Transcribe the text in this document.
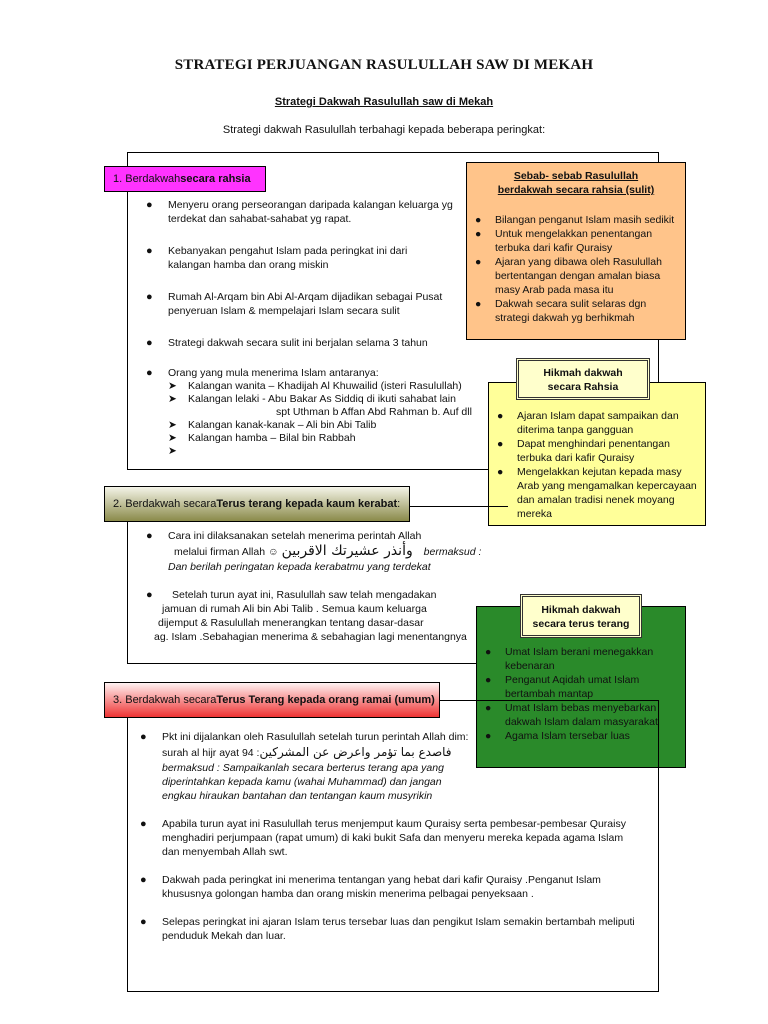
STRATEGI PERJUANGAN RASULULLAH SAW DI MEKAH
Strategi Dakwah Rasulullah saw di Mekah
Strategi dakwah Rasulullah terbahagi kepada beberapa peringkat:
1. Berdakwah secara rahsia
●	Menyeru orang perseorangan daripada kalangan keluarga yg terdekat dan sahabat-sahabat yg rapat.
●	Kebanyakan pengahut Islam pada peringkat ini dari kalangan hamba dan orang miskin
●	Rumah Al-Arqam bin Abi Al-Arqam dijadikan sebagai Pusat penyeruan Islam & mempelajari Islam secara sulit
●	Strategi dakwah secara sulit ini berjalan selama 3 tahun
●	Orang yang mula menerima Islam antaranya:
➤	Kalangan wanita – Khadijah Al Khuwailid (isteri Rasulullah)
➤	Kalangan lelaki - Abu Bakar As Siddiq di ikuti sahabat lain
spt Uthman b Affan Abd Rahman b. Auf dll
➤	Kalangan kanak-kanak – Ali bin Abi Talib
➤	Kalangan hamba – Bilal bin Rabbah
➤
Sebab- sebab Rasulullah
berdakwah secara rahsia (sulit)
●	Bilangan penganut Islam masih sedikit
●	Untuk mengelakkan penentangan terbuka dari kafir Quraisy
●	Ajaran yang dibawa oleh Rasulullah bertentangan dengan amalan biasa masy Arab pada masa itu
●	Dakwah secara sulit selaras dgn strategi dakwah yg berhikmah
●	Ajaran Islam dapat sampaikan dan diterima tanpa gangguan
●	Dapat menghindari penentangan terbuka dari kafir Quraisy
●	Mengelakkan kejutan kepada masy Arab yang mengamalkan kepercayaan dan amalan tradisi nenek moyang mereka
Hikmah dakwah
secara Rahsia
2. Berdakwah secara Terus terang kepada kaum kerabat :
●	Cara ini dilaksanakan setelah menerima perintah Allah
melalui firman Allah ☺ وأنذر عشيرتك الاقربين bermaksud :
Dan berilah peringatan kepada kerabatmu yang terdekat
●	Setelah turun ayat ini, Rasulullah saw telah mengadakan
jamuan di rumah Ali bin Abi Talib . Semua kaum keluarga
dijemput & Rasulullah menerangkan tentang dasar-dasar
ag. Islam .Sebahagian menerima & sebahagian lagi menentangnya
●	Umat Islam berani menegakkan kebenaran
●	Penganut Aqidah umat Islam bertambah mantap
●	Umat Islam bebas menyebarkan dakwah Islam dalam masyarakat
●	Agama Islam tersebar luas
Hikmah dakwah
secara terus terang
3. Berdakwah secara Terus Terang kepada orang ramai (umum)
●	Pkt ini dijalankan oleh Rasulullah setelah turun perintah Allah dim:
surah al hijr ayat 94 :فاصدع بما تؤمر واعرض عن المشركين
bermaksud : Sampaikanlah secara berterus terang apa yang
diperintahkan kepada kamu (wahai Muhammad) dan jangan
engkau hiraukan bantahan dan tentangan kaum musyrikin
●	Apabila turun ayat ini Rasulullah terus menjemput kaum Quraisy serta pembesar-pembesar Quraisy menghadiri perjumpaan (rapat umum) di kaki bukit Safa dan menyeru mereka kepada agama Islam dan menyembah Allah swt.
●	Dakwah pada peringkat ini menerima tentangan yang hebat dari kafir Quraisy .Penganut Islam khususnya golongan hamba dan orang miskin menerima pelbagai penyeksaan .
●	Selepas peringkat ini ajaran Islam terus tersebar luas dan pengikut Islam semakin bertambah meliputi penduduk Mekah dan luar.
